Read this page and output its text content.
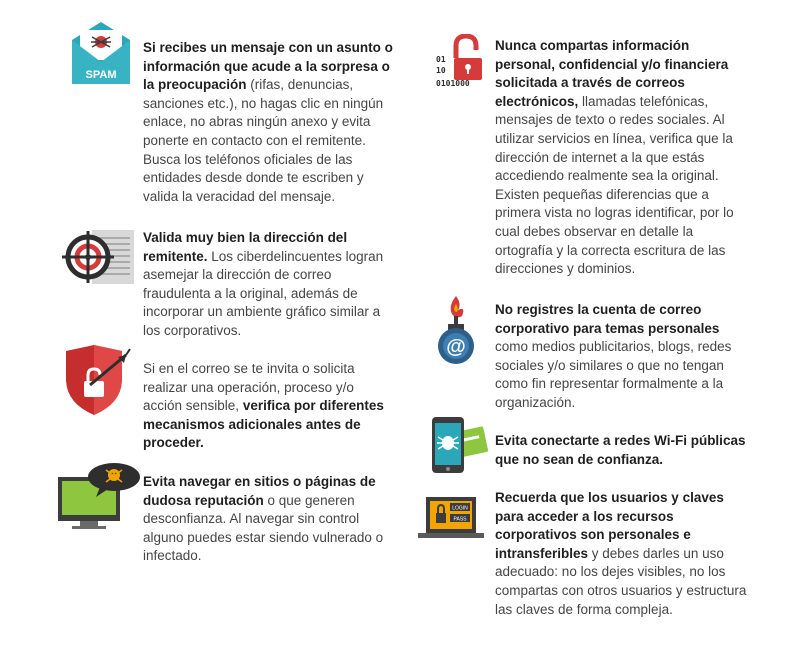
SPAM
Si recibes un mensaje con un asunto o información que acude a la sorpresa o la preocupación (rifas, denuncias, sanciones etc.), no hagas clic en ningún enlace, no abras ningún anexo y evita ponerte en contacto con el remitente. Busca los teléfonos oficiales de las entidades desde donde te escriben y valida la veracidad del mensaje.
Valida muy bien la dirección del remitente. Los ciberdelincuentes logran asemejar la dirección de correo fraudulenta a la original, además de incorporar un ambiente gráfico similar a los corporativos.
Si en el correo se te invita o solicita realizar una operación, proceso y/o acción sensible, verifica por diferentes mecanismos adicionales antes de proceder.
Evita navegar en sitios o páginas de dudosa reputación o que generen desconfianza. Al navegar sin control alguno puedes estar siendo vulnerado o infectado.
01
10
0101000
Nunca compartas información personal, confidencial y/o financiera solicitada a través de correos electrónicos, llamadas telefónicas, mensajes de texto o redes sociales. Al utilizar servicios en línea, verifica que la dirección de internet a la que estás accediendo realmente sea la original. Existen pequeñas diferencias que a primera vista no logras identificar, por lo cual debes observar en detalle la ortografía y la correcta escritura de las direcciones y dominios.
@
No registres la cuenta de correo corporativo para temas personales como medios publicitarios, blogs, redes sociales y/o similares o que no tengan como fin representar formalmente a la organización.
Evita conectarte a redes Wi-Fi públicas que no sean de confianza.
LOGIN
PASS
Recuerda que los usuarios y claves para acceder a los recursos corporativos son personales e intransferibles y debes darles un uso adecuado: no los dejes visibles, no los compartas con otros usuarios y estructura las claves de forma compleja.
